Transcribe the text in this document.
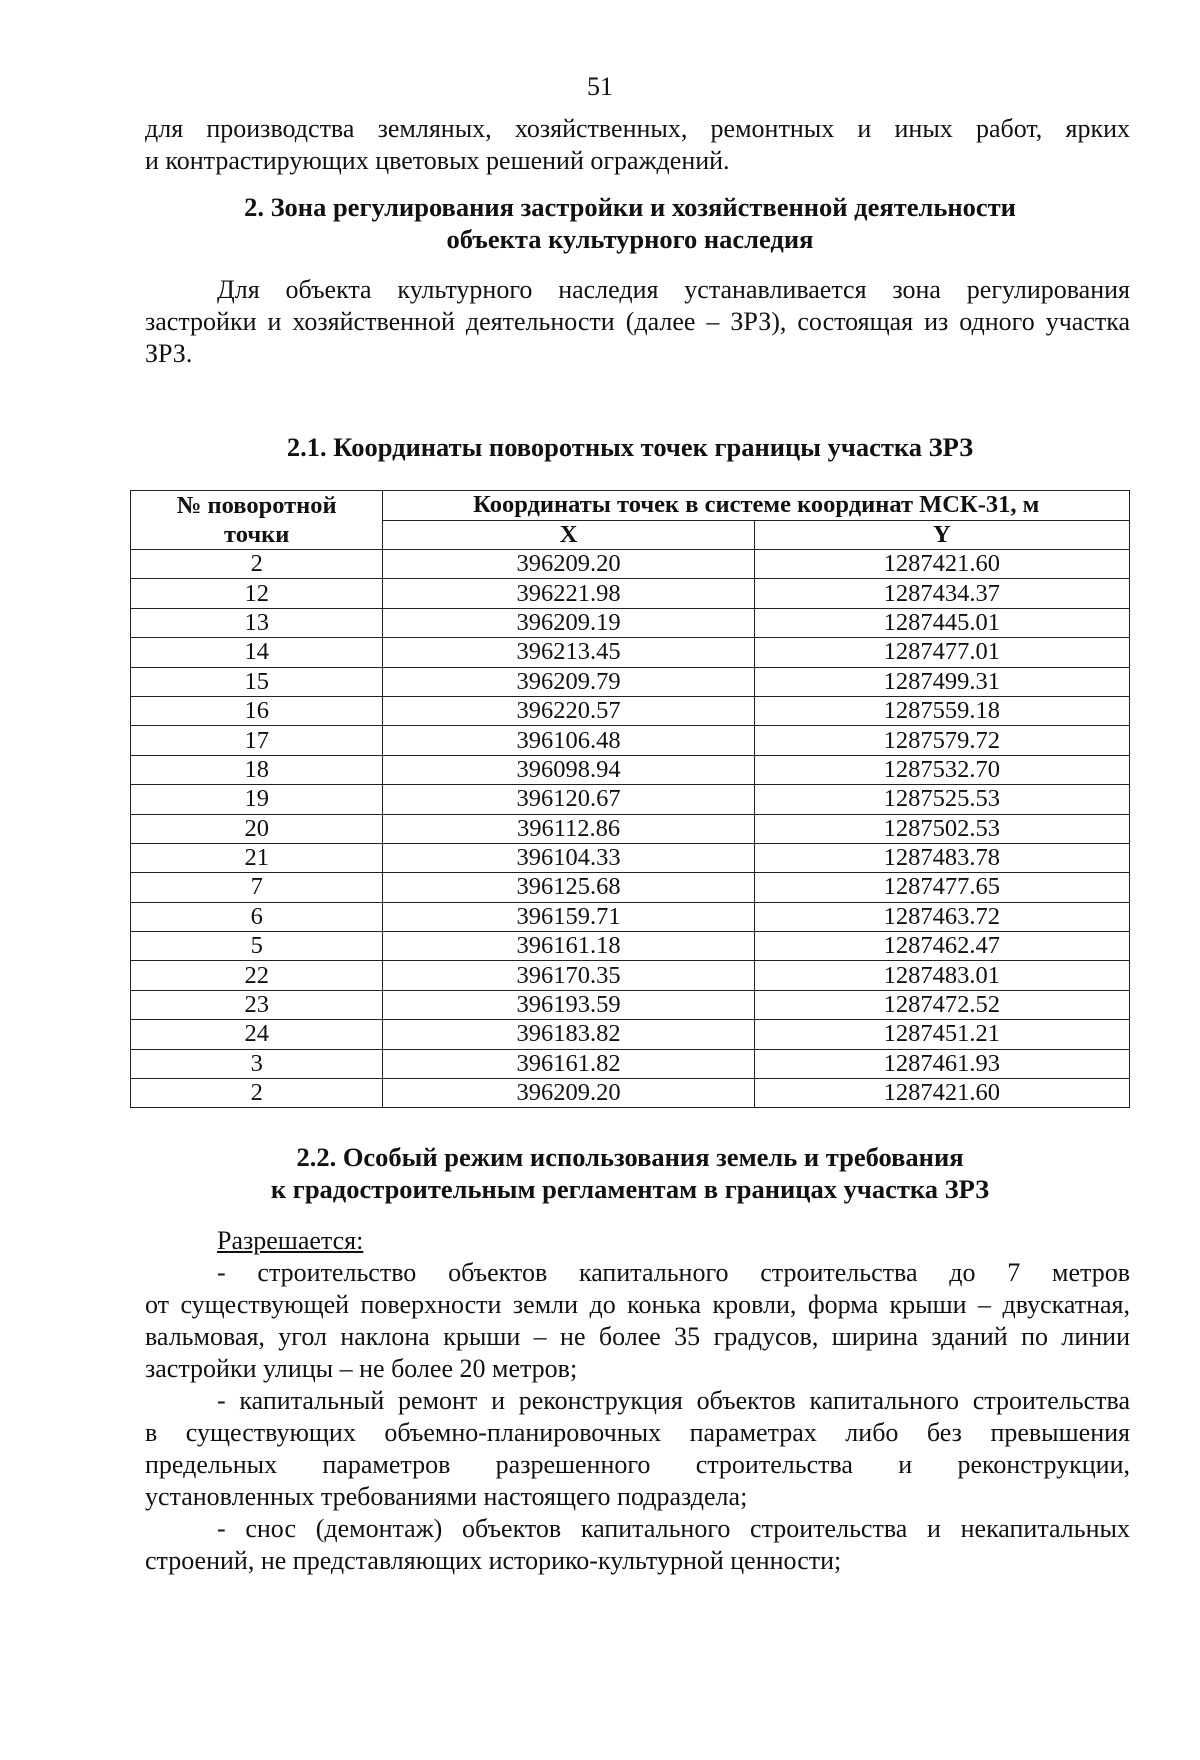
51
для производства земляных, хозяйственных, ремонтных и иных работ, ярких
и контрастирующих цветовых решений ограждений.
2. Зона регулирования застройки и хозяйственной деятельности
объекта культурного наследия
Для объекта культурного наследия устанавливается зона регулирования
застройки и хозяйственной деятельности (далее – ЗРЗ), состоящая из одного участка
ЗРЗ.
2.1. Координаты поворотных точек границы участка ЗРЗ
№ поворотной точки	Координаты точек в системе координат МСК-31, м	
	X	Y
2	396209.20	1287421.60
12	396221.98	1287434.37
13	396209.19	1287445.01
14	396213.45	1287477.01
15	396209.79	1287499.31
16	396220.57	1287559.18
17	396106.48	1287579.72
18	396098.94	1287532.70
19	396120.67	1287525.53
20	396112.86	1287502.53
21	396104.33	1287483.78
7	396125.68	1287477.65
6	396159.71	1287463.72
5	396161.18	1287462.47
22	396170.35	1287483.01
23	396193.59	1287472.52
24	396183.82	1287451.21
3	396161.82	1287461.93
2	396209.20	1287421.60
2.2. Особый режим использования земель и требования
к градостроительным регламентам в границах участка ЗРЗ
Разрешается:
- строительство объектов капитального строительства до 7 метров
от существующей поверхности земли до конька кровли, форма крыши – двускатная,
вальмовая, угол наклона крыши – не более 35 градусов, ширина зданий по линии
застройки улицы – не более 20 метров;
- капитальный ремонт и реконструкция объектов капитального строительства
в существующих объемно-планировочных параметрах либо без превышения
предельных параметров разрешенного строительства и реконструкции,
установленных требованиями настоящего подраздела;
- снос (демонтаж) объектов капитального строительства и некапитальных
строений, не представляющих историко-культурной ценности;
